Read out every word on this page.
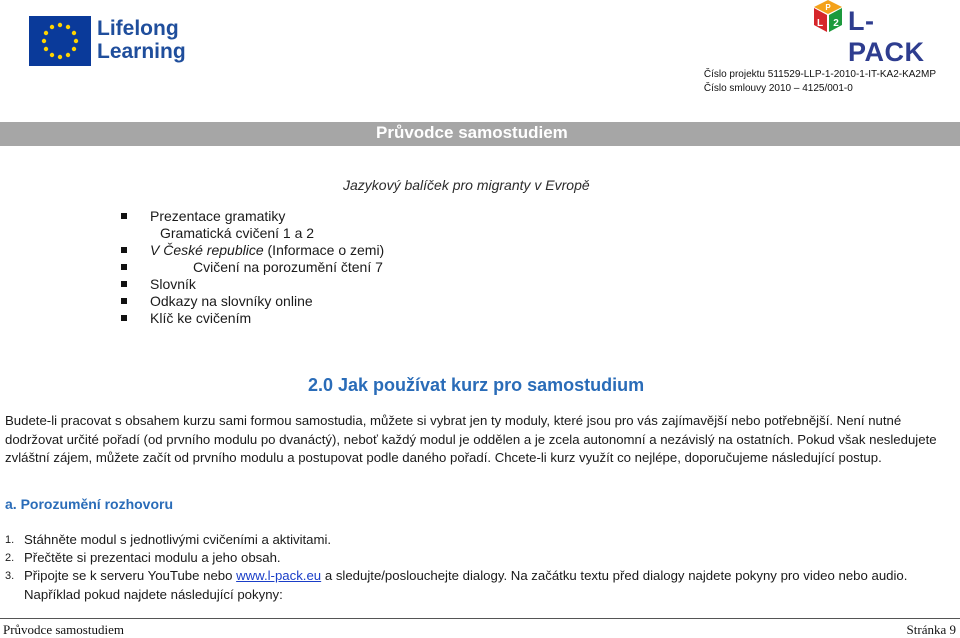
Lifelong
Learning
P
L 2 L-PACK
Číslo projektu 511529-LLP-1-2010-1-IT-KA2-KA2MP
Číslo smlouvy 2010 – 4125/001-0
Průvodce samostudiem
Jazykový balíček pro migranty v Evropě
Prezentace gramatiky
Gramatická cvičení 1 a 2
V České republice (Informace o zemi)
Cvičení na porozumění čtení 7
Slovník
Odkazy na slovníky online
Klíč ke cvičením
2.0 Jak používat kurz pro samostudium

Budete-li pracovat s obsahem kurzu sami formou samostudia, můžete si vybrat jen ty moduly, které jsou pro vás zajímavější nebo potřebnější. Není nutné dodržovat určité pořadí (od prvního modulu po dvanáctý), neboť každý modul je oddělen a je zcela autonomní a nezávislý na ostatních. Pokud však nesledujete zvláštní zájem, můžete začít od prvního modulu a postupovat podle daného pořadí. Chcete-li kurz využít co nejlépe, doporučujeme následující postup.

a. Porozumění rozhovoru
1. Stáhněte modul s jednotlivými cvičeními a aktivitami.
2. Přečtěte si prezentaci modulu a jeho obsah.
3. Připojte se k serveru YouTube nebo www.l-pack.eu a sledujte/poslouchejte dialogy. Na začátku textu před dialogy najdete pokyny pro video nebo audio. Například pokud najdete následující pokyny:
Průvodce samostudiem	Stránka 9
